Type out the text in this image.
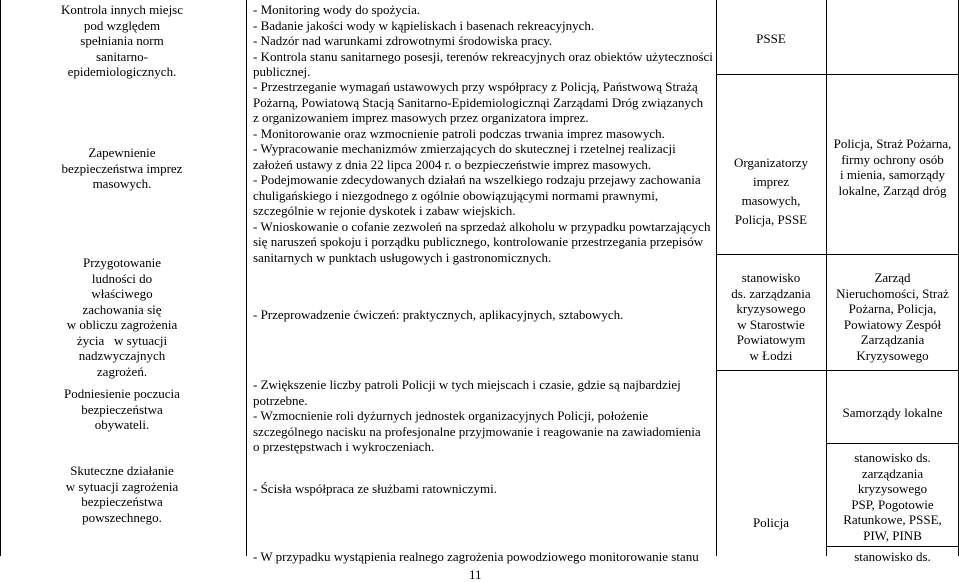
Kontrola innych miejsc
pod względem
spełniania norm
sanitarno-
epidemiologicznych.
Zapewnienie
bezpieczeństwa imprez
masowych.
Przygotowanie
ludności do
właściwego
zachowania się
w obliczu zagrożenia
życia   w sytuacji
nadzwyczajnych
zagrożeń.
Podniesienie poczucia
bezpieczeństwa
obywateli.
Skuteczne działanie
w sytuacji zagrożenia
bezpieczeństwa
powszechnego.
- Monitoring wody do spożycia.
- Badanie jakości wody w kąpieliskach i basenach rekreacyjnych.
- Nadzór nad warunkami zdrowotnymi środowiska pracy.
- Kontrola stanu sanitarnego posesji, terenów rekreacyjnych oraz obiektów użyteczności
publicznej.
- Przestrzeganie wymagań ustawowych przy współpracy z Policją, Państwową Strażą
Pożarną, Powiatową Stacją Sanitarno-Epidemiologicznąi Zarządami Dróg związanych
z organizowaniem imprez masowych przez organizatora imprez.
- Monitorowanie oraz wzmocnienie patroli podczas trwania imprez masowych.
- Wypracowanie mechanizmów zmierzających do skutecznej i rzetelnej realizacji
założeń ustawy z dnia 22 lipca 2004 r. o bezpieczeństwie imprez masowych.
- Podejmowanie zdecydowanych działań na wszelkiego rodzaju przejawy zachowania
chuligańskiego i niezgodnego z ogólnie obowiązującymi normami prawnymi,
szczególnie w rejonie dyskotek i zabaw wiejskich.
- Wnioskowanie o cofanie zezwoleń na sprzedaż alkoholu w przypadku powtarzających
się naruszeń spokoju i porządku publicznego, kontrolowanie przestrzegania przepisów
sanitarnych w punktach usługowych i gastronomicznych.
- Przeprowadzenie ćwiczeń: praktycznych, aplikacyjnych, sztabowych.
- Zwiększenie liczby patroli Policji w tych miejscach i czasie, gdzie są najbardziej
potrzebne.
- Wzmocnienie roli dyżurnych jednostek organizacyjnych Policji, położenie
szczególnego nacisku na profesjonalne przyjmowanie i reagowanie na zawiadomienia
o przestępstwach i wykroczeniach.
- Ścisła współpraca ze służbami ratowniczymi.
- W przypadku wystąpienia realnego zagrożenia powodziowego monitorowanie stanu
PSSE
Organizatorzy
imprez
masowych,
Policja, PSSE
stanowisko
ds. zarządzania
kryzysowego
w Starostwie
Powiatowym
w Łodzi
Policja
Policja, Straż Pożarna,
firmy ochrony osób
i mienia, samorządy
lokalne, Zarząd dróg
Zarząd
Nieruchomości, Straż
Pożarna, Policja,
Powiatowy Zespół
Zarządzania
Kryzysowego
Samorządy lokalne
stanowisko ds.
zarządzania
kryzysowego
PSP, Pogotowie
Ratunkowe, PSSE,
PIW, PINB
stanowisko ds.
11
